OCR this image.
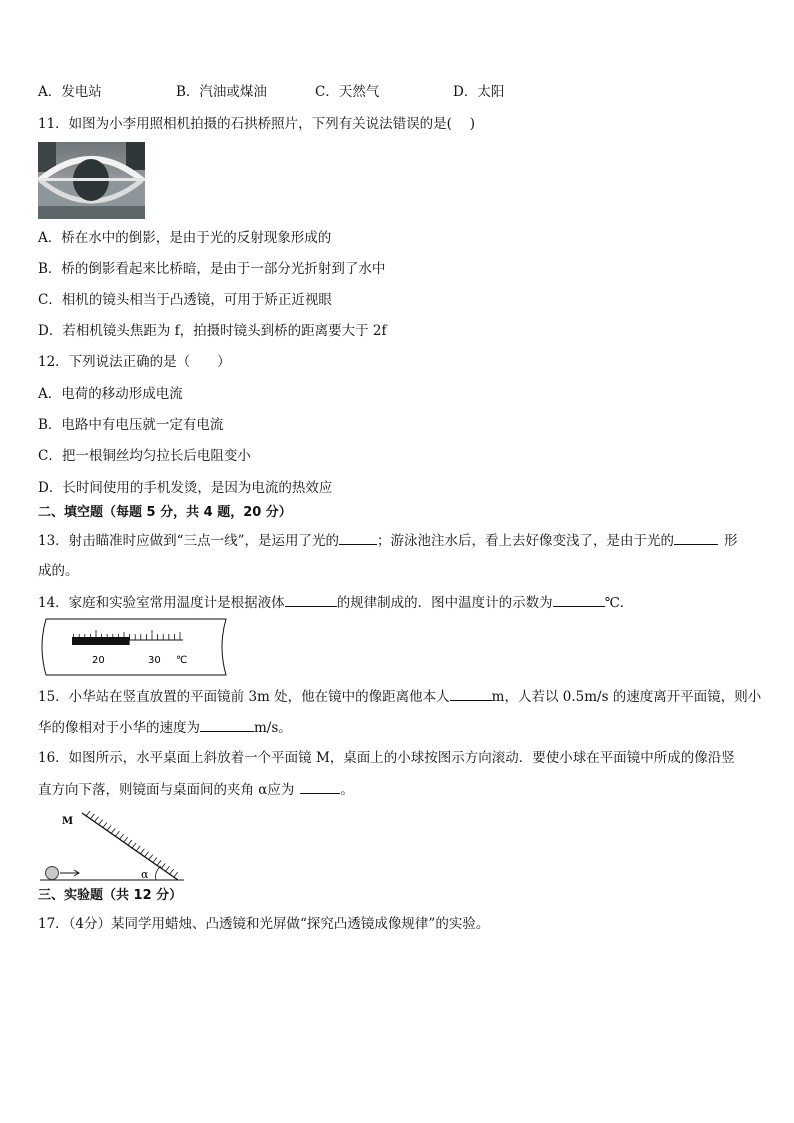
A．发电站	B．汽油或煤油	C．天然气	D．太阳
11．如图为小李用照相机拍摄的石拱桥照片，下列有关说法错误的是(　 )
A．桥在水中的倒影，是由于光的反射现象形成的
B．桥的倒影看起来比桥暗，是由于一部分光折射到了水中
C．相机的镜头相当于凸透镜，可用于矫正近视眼
D．若相机镜头焦距为 f，拍摄时镜头到桥的距离要大于 2f
12．下列说法正确的是（　　）
A．电荷的移动形成电流
B．电路中有电压就一定有电流
C．把一根铜丝均匀拉长后电阻变小
D．长时间使用的手机发烫，是因为电流的热效应
二、填空题（每题 5 分，共 4 题，20 分）
13．射击瞄准时应做到“三点一线”，是运用了光的	；游泳池注水后，看上去好像变浅了，是由于光的	形
成的。
14．家庭和实验室常用温度计是根据液体	的规律制成的．图中温度计的示数为	℃．
20	30 ℃
15．小华站在竖直放置的平面镜前 3m 处，他在镜中的像距离他本人	m，人若以 0.5m/s 的速度离开平面镜，则小
华的像相对于小华的速度为	m/s。
16．如图所示，水平桌面上斜放着一个平面镜 M，桌面上的小球按图示方向滚动．要使小球在平面镜中所成的像沿竖
直方向下落，则镜面与桌面间的夹角 α应为	。
M
α
三、实验题（共 12 分）
17．（4分）某同学用蜡烛、凸透镜和光屏做“探究凸透镜成像规律”的实验。
